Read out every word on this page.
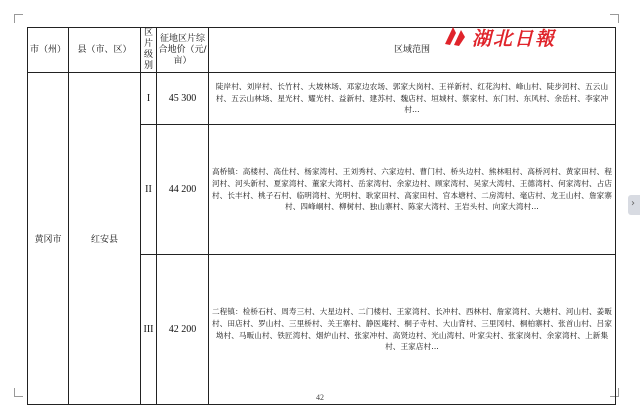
›
市（州）	县（市、区）	区片级别	征地区片综合地价（元/亩）	区域范围
黄冈市	红安县	I	45 300	陡岸村、刘岸村、长竹村、大坡林场、邓家边农场、郭家大岗村、王祥新村、红花沟村、峰山村、陡步河村、五云山村、五云山林场、星光村、耀光村、益新村、建苏村、魏店村、垣城村、蔡家村、东门村、东风村、余岳村、李家冲村…
		II	44 200	高桥镇：高楼村、高仕村、杨家湾村、王刘秀村、六家边村、曹门村、桥头边村、熊林咀村、高桥河村、黄家田村、程河村、河头新村、夏家湾村、董家大湾村、岳家湾村、余家边村、顾家湾村、吴家大湾村、王德湾村、何家湾村、占店村、长丰村、桃子石村、临明湾村、光明村、耿家田村、高家田村、官本塘村、二房湾村、毫店村、龙王山村、詹家寨村、四峰峒村、柳树村、独山寨村、陈家大湾村、王岩头村、向家大湾村…
		III	42 200	二程镇：检桥石村、周寿三村、大星边村、二门楼村、王家湾村、长冲村、西林村、詹家湾村、大塘村、河山村、姜畈村、田店村、罗山村、三里桥村、关王寨村、静医庵村、桐子寺村、大山背村、三里冈村、桐柏寨村、张首山村、吕家坳村、马畈山村、铁匠湾村、烟炉山村、张家冲村、高贤边村、光山湾村、叶家尖村、张家岗村、余家湾村、上新集村、王家店村…
湖北日報
42
